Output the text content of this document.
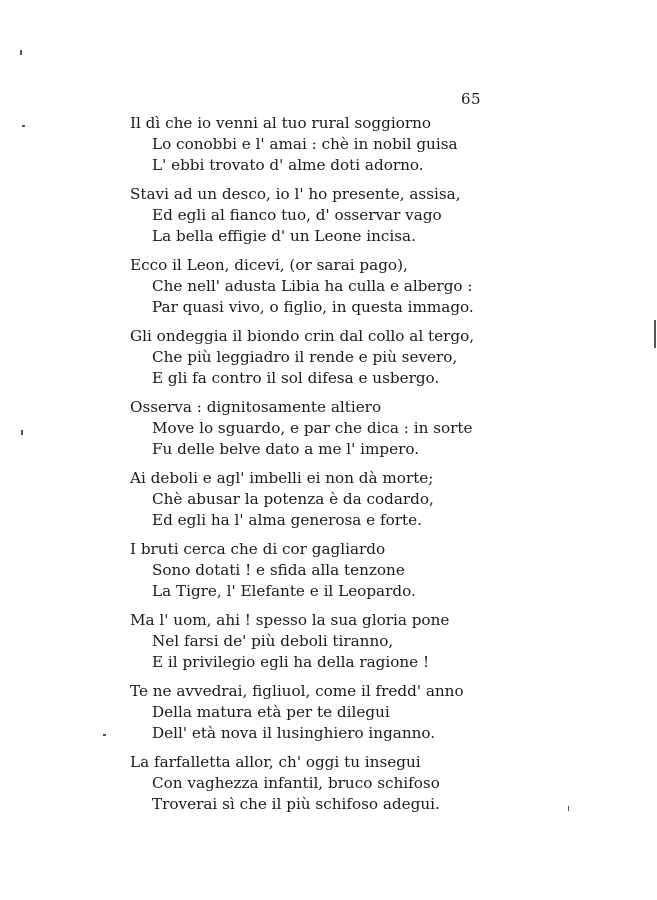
65
Il dì che io venni al tuo rural soggiorno
Lo conobbi e l' amai : chè in nobil guisa
L' ebbi trovato d' alme doti adorno.
Stavi ad un desco, io l' ho presente, assisa,
Ed egli al fianco tuo, d' osservar vago
La bella effigie d' un Leone incisa.
Ecco il Leon, dicevi, (or sarai pago),
Che nell' adusta Libia ha culla e albergo :
Par quasi vivo, o figlio, in questa immago.
Gli ondeggia il biondo crin dal collo al tergo,
Che più leggiadro il rende e più severo,
E gli fa contro il sol difesa e usbergo.
Osserva : dignitosamente altiero
Move lo sguardo, e par che dica : in sorte
Fu delle belve dato a me l' impero.
Ai deboli e agl' imbelli ei non dà morte;
Chè abusar la potenza è da codardo,
Ed egli ha l' alma generosa e forte.
I bruti cerca che di cor gagliardo
Sono dotati ! e sfida alla tenzone
La Tigre, l' Elefante e il Leopardo.
Ma l' uom, ahi ! spesso la sua gloria pone
Nel farsi de' più deboli tiranno,
E il privilegio egli ha della ragione !
Te ne avvedrai, figliuol, come il fredd' anno
Della matura età per te dilegui
Dell' età nova il lusinghiero inganno.
La farfalletta allor, ch' oggi tu insegui
Con vaghezza infantil, bruco schifoso
Troverai sì che il più schifoso adegui.
